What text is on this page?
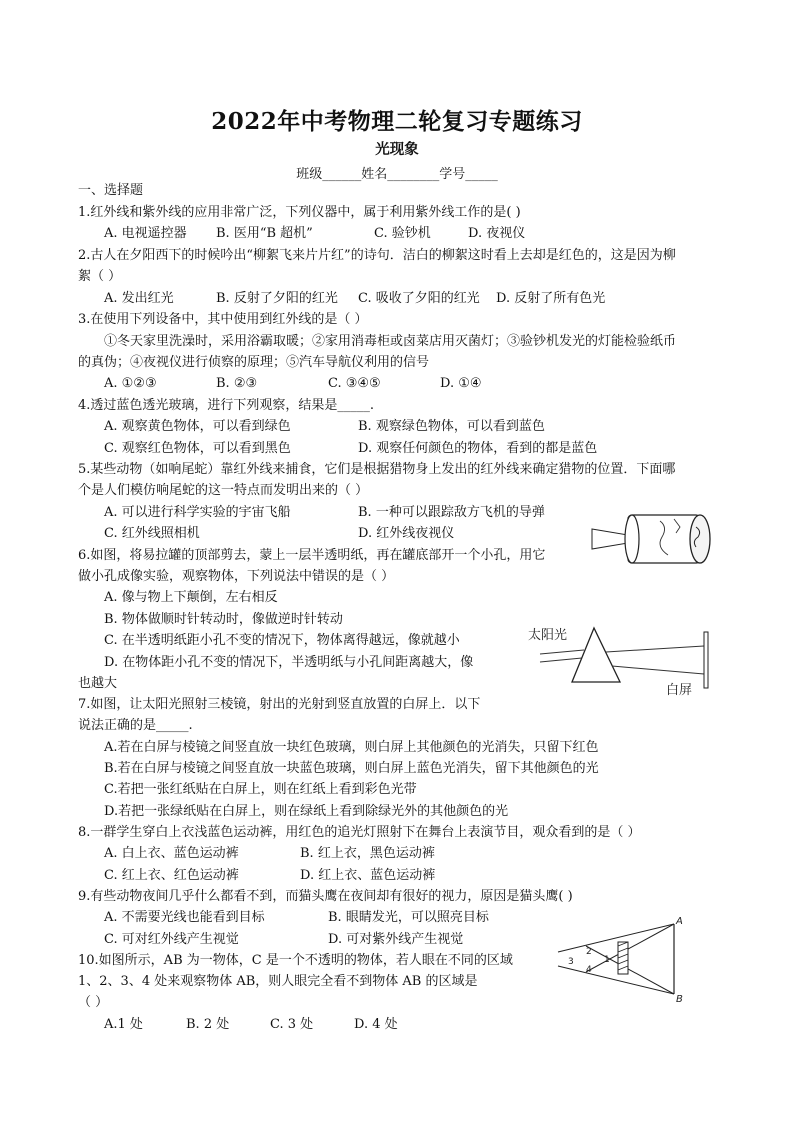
2022年中考物理二轮复习专题练习
光现象
班级______姓名________学号_____
一、选择题
1.红外线和紫外线的应用非常广泛，下列仪器中，属于利用紫外线工作的是( )
A. 电视遥控器 B. 医用“B 超机”	C. 验钞机	D. 夜视仪
2.古人在夕阳西下的时候吟出“柳絮飞来片片红”的诗句．洁白的柳絮这时看上去却是红色的，这是因为柳
絮（ ）
A. 发出红光	B. 反射了夕阳的红光 C. 吸收了夕阳的红光 D. 反射了所有色光
3.在使用下列设备中，其中使用到红外线的是（ ）
①冬天家里洗澡时，采用浴霸取暖；②家用消毒柜或卤菜店用灭菌灯；③验钞机发光的灯能检验纸币
的真伪；④夜视仪进行侦察的原理；⑤汽车导航仪利用的信号
A. ①②③	B. ②③	C. ③④⑤	D. ①④
4.透过蓝色透光玻璃，进行下列观察，结果是_____.
A. 观察黄色物体，可以看到绿色	B. 观察绿色物体，可以看到蓝色
C. 观察红色物体，可以看到黑色	D. 观察任何颜色的物体，看到的都是蓝色
5.某些动物（如响尾蛇）靠红外线来捕食，它们是根据猎物身上发出的红外线来确定猎物的位置．下面哪
个是人们模仿响尾蛇的这一特点而发明出来的（ ）
A. 可以进行科学实验的宇宙飞船	B. 一种可以跟踪敌方飞机的导弹
C. 红外线照相机	D. 红外线夜视仪
6.如图，将易拉罐的顶部剪去，蒙上一层半透明纸，再在罐底部开一个小孔，用它
做小孔成像实验，观察物体，下列说法中错误的是（ ）
A. 像与物上下颠倒，左右相反
B. 物体做顺时针转动时，像做逆时针转动
C. 在半透明纸距小孔不变的情况下，物体离得越远，像就越小
D. 在物体距小孔不变的情况下，半透明纸与小孔间距离越大，像
也越大
太阳光
白屏
7.如图，让太阳光照射三棱镜，射出的光射到竖直放置的白屏上．以下
说法正确的是_____.
A.若在白屏与棱镜之间竖直放一块红色玻璃，则白屏上其他颜色的光消失，只留下红色
B.若在白屏与棱镜之间竖直放一块蓝色玻璃，则白屏上蓝色光消失，留下其他颜色的光
C.若把一张红纸贴在白屏上，则在红纸上看到彩色光带
D.若把一张绿纸贴在白屏上，则在绿纸上看到除绿光外的其他颜色的光
8.一群学生穿白上衣浅蓝色运动裤，用红色的追光灯照射下在舞台上表演节目，观众看到的是（ ）
A. 白上衣、蓝色运动裤	B. 红上衣，黑色运动裤
C. 红上衣、红色运动裤	D. 红上衣、蓝色运动裤
9.有些动物夜间几乎什么都看不到，而猫头鹰在夜间却有很好的视力，原因是猫头鹰( )
A. 不需要光线也能看到目标	B. 眼睛发光，可以照亮目标
C. 可对红外线产生视觉	D. 可对紫外线产生视觉
A
B
1
2
3
4
10.如图所示，AB 为一物体，C 是一个不透明的物体，若人眼在不同的区域
1、2、3、4 处来观察物体 AB，则人眼完全看不到物体 AB 的区域是
（ ）
A.1 处	B. 2 处	C. 3 处	D. 4 处
